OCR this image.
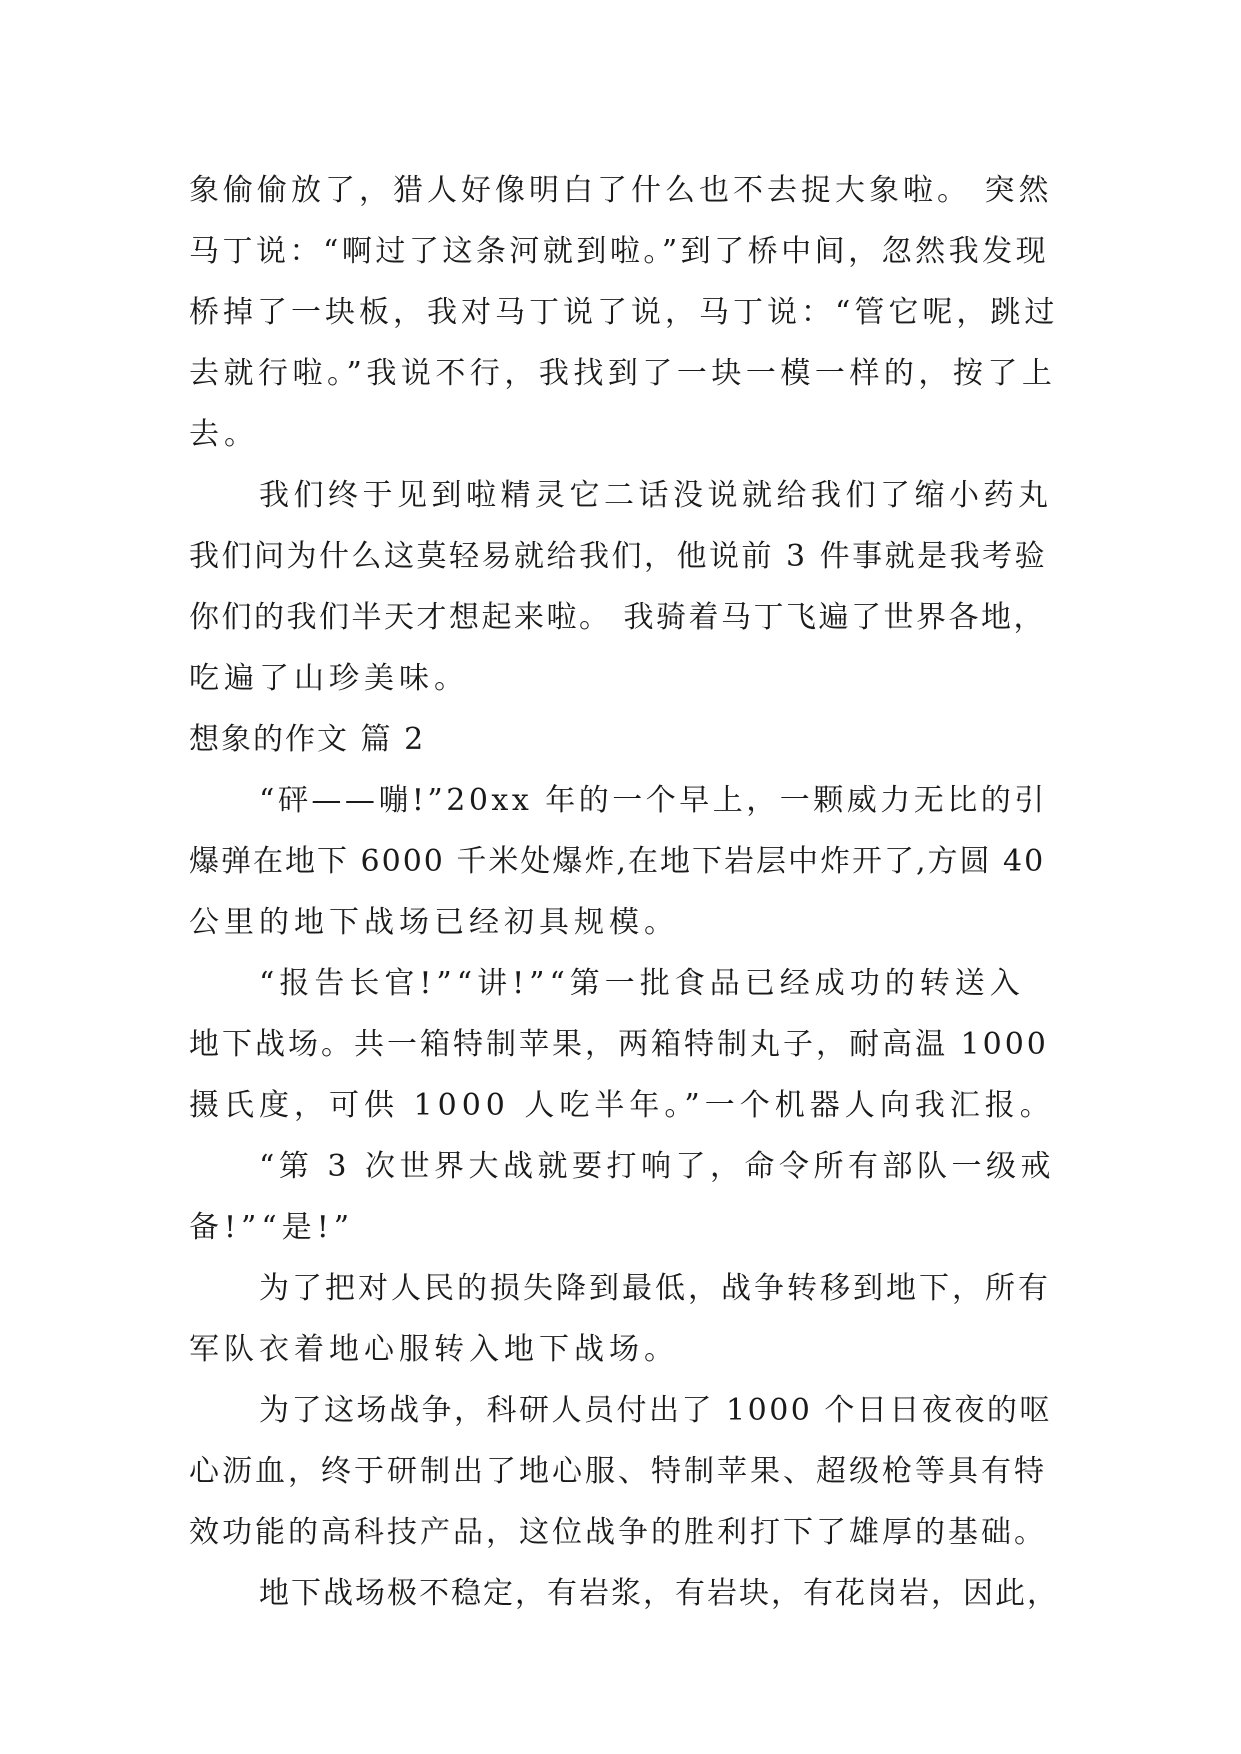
象偷偷放了，猎人好像明白了什么也不去捉大象啦。 突然
马丁说：“啊过了这条河就到啦。”到了桥中间，忽然我发现
桥掉了一块板，我对马丁说了说，马丁说：“管它呢，跳过
去就行啦。”我说不行，我找到了一块一模一样的，按了上
去。
我们终于见到啦精灵它二话没说就给我们了缩小药丸
我们问为什么这莫轻易就给我们，他说前 3 件事就是我考验
你们的我们半天才想起来啦。 我骑着马丁飞遍了世界各地，
吃遍了山珍美味。
想象的作文 篇 2
“砰——嘣!”20xx 年的一个早上，一颗威力无比的引
爆弹在地下 6000 千米处爆炸,在地下岩层中炸开了,方圆 40
公里的地下战场已经初具规模。
“报告长官!”“讲!”“第一批食品已经成功的转送入
地下战场。共一箱特制苹果，两箱特制丸子，耐高温 1000
摄氏度，可供 1000 人吃半年。”一个机器人向我汇报。
“第 3 次世界大战就要打响了，命令所有部队一级戒
备!”“是!”
为了把对人民的损失降到最低，战争转移到地下，所有
军队衣着地心服转入地下战场。
为了这场战争，科研人员付出了 1000 个日日夜夜的呕
心沥血，终于研制出了地心服、特制苹果、超级枪等具有特
效功能的高科技产品，这位战争的胜利打下了雄厚的基础。
地下战场极不稳定，有岩浆，有岩块，有花岗岩，因此，
